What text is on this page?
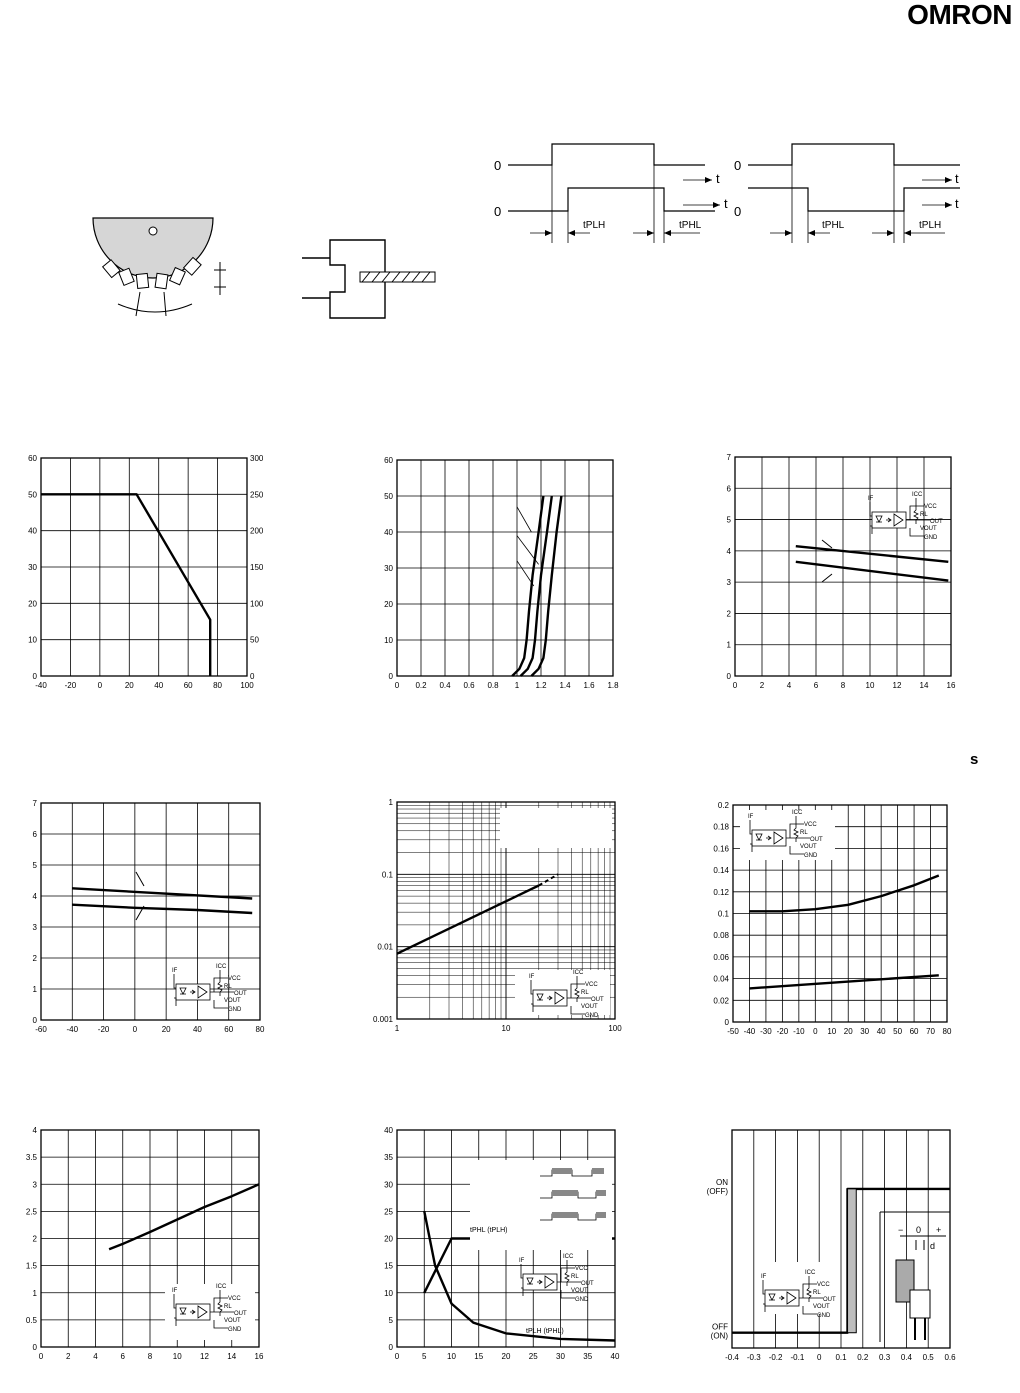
OMRON
s
0
0
t
t
tPLH	tPHL
0
0
t
t
tPHL	tPLH
-40 -20	0	20	40	60	80 100
0
10
20
30
40
50
60
0
50
100
150
200
250
300
0 0.2 0.4 0.6 0.8 1 1.2 1.4 1.6 1.8
0
10
20
30
40
50
60
0	2	4	6	8	10 12 14 16
0
1
2
3
4
5
6
7
IF
ICC
VCC
RL
OUT
VOUT
GND
-60 -40 -20	0	20	40	60	80
0
1
2
3
4
5
6
7
IF
ICC
VCC
RL
OUT
VOUT
GND
1	10	100
0.001
0.01
0.1
1
IF
ICC
VCC
RL
OUT
VOUT
GND
-50 -40 -30 -20 -10 0 10 20 30 40 50 60 70 80
0
0.02
0.04
0.06
0.08
0.1
0.12
0.14
0.16
0.18
0.2
IF
ICC
VCC
RL
OUT
VOUT
GND
0	2	4	6	8	10 12 14 16
0
0.5
1
1.5
2
2.5
3
3.5
4
IF
ICC
VCC
RL
OUT
VOUT
GND
0	5	10 15 20 25 30 35 40
0
5
10
15
20
25
30
35
40
IF
ICC
VCC
RL
OUT
VOUT
GND
tPHL (tPLH)
tPLH (tPHL)
-0.4 -0.3 -0.2 -0.1 0 0.1 0.2 0.3 0.4 0.5 0.6
ON
(OFF)
OFF
(ON)
IF
ICC
VCC
RL
OUT
VOUT
GND
− 0 +
d
